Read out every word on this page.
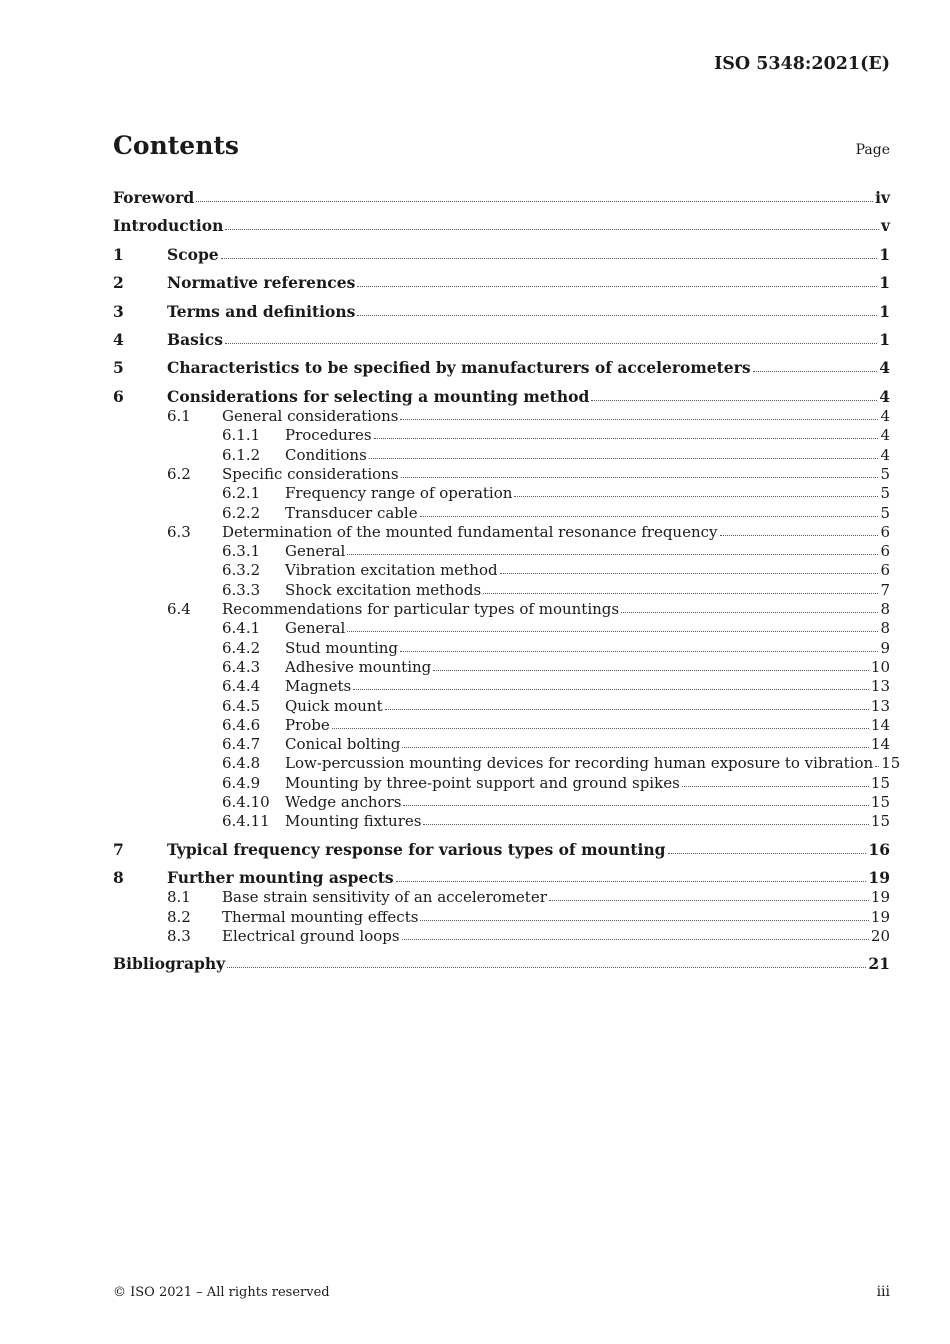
ISO 5348:2021(E)
Contents	Page
Foreword	iv
Introduction	v
1	Scope	1
2	Normative references	1
3	Terms and definitions	1
4	Basics	1
5	Characteristics to be specified by manufacturers of accelerometers	4
6	Considerations for selecting a mounting method	4
6.1	General considerations	4
6.1.1	Procedures	4
6.1.2	Conditions	4
6.2	Specific considerations	5
6.2.1	Frequency range of operation	5
6.2.2	Transducer cable	5
6.3	Determination of the mounted fundamental resonance frequency	6
6.3.1	General	6
6.3.2	Vibration excitation method	6
6.3.3	Shock excitation methods	7
6.4	Recommendations for particular types of mountings	8
6.4.1	General	8
6.4.2	Stud mounting	9
6.4.3	Adhesive mounting	10
6.4.4	Magnets	13
6.4.5	Quick mount	13
6.4.6	Probe	14
6.4.7	Conical bolting	14
6.4.8	Low-percussion mounting devices for recording human exposure to vibration 15
6.4.9	Mounting by three-point support and ground spikes	15
6.4.10	Wedge anchors	15
6.4.11	Mounting fixtures	15
7	Typical frequency response for various types of mounting	16
8	Further mounting aspects	19
8.1	Base strain sensitivity of an accelerometer	19
8.2	Thermal mounting effects	19
8.3	Electrical ground loops	20
Bibliography	21
© ISO 2021 – All rights reserved	iii
